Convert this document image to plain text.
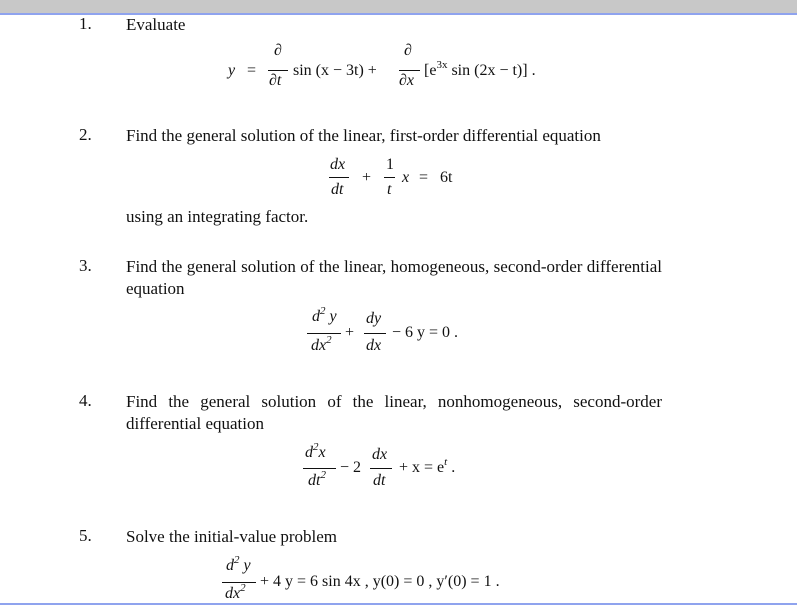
1. Evaluate
y =
∂
∂t
sin (x − 3t) +
∂
∂x
[$e^{3x}$ sin (2x − t)] .
2. Find the general solution of the linear, first-order differential equation
dx
dt
+
1
t
x = 6t
using an integrating factor.
3. Find the general solution of the linear, homogeneous, second-order differential equation
$d^2$ y
$dx^2$ +
dy
dx
− 6 y = 0 .
4. Find the general solution of the linear, nonhomogeneous, second-order differential equation
$d^2x$
$dt^2 - 2$
dx
dt
+ $x = e^t$ .
5. Solve the initial-value problem
$d^2$ y
$dx^2 + 4$ y = 6 sin 4x , y(0) = 0 , y′(0) = 1 .
